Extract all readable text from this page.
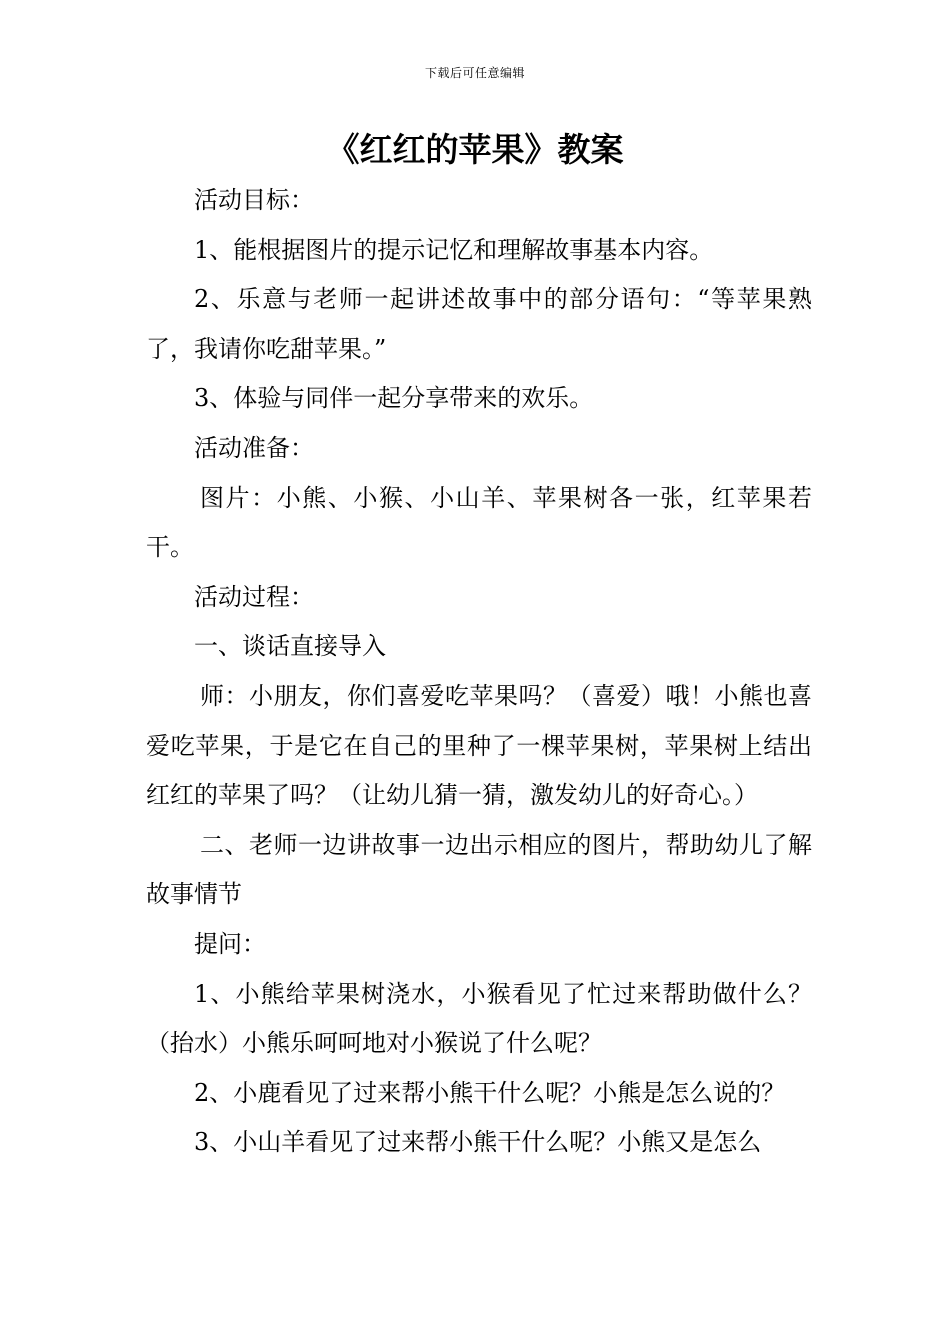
下载后可任意编辑
《红红的苹果》教案

活动目标：

1、能根据图片的提示记忆和理解故事基本内容。

2、乐意与老师一起讲述故事中的部分语句：“等苹果熟了，我请你吃甜苹果。”

3、体验与同伴一起分享带来的欢乐。

活动准备：

图片：小熊、小猴、小山羊、苹果树各一张，红苹果若干。

活动过程：

一、谈话直接导入

师：小朋友，你们喜爱吃苹果吗？（喜爱）哦！小熊也喜爱吃苹果，于是它在自己的里种了一棵苹果树，苹果树上结出红红的苹果了吗？（让幼儿猜一猜，激发幼儿的好奇心。）

二、老师一边讲故事一边出示相应的图片，帮助幼儿了解故事情节

提问：

1、小熊给苹果树浇水，小猴看见了忙过来帮助做什么？（抬水）小熊乐呵呵地对小猴说了什么呢？

2、小鹿看见了过来帮小熊干什么呢？小熊是怎么说的？

3、小山羊看见了过来帮小熊干什么呢？小熊又是怎么
